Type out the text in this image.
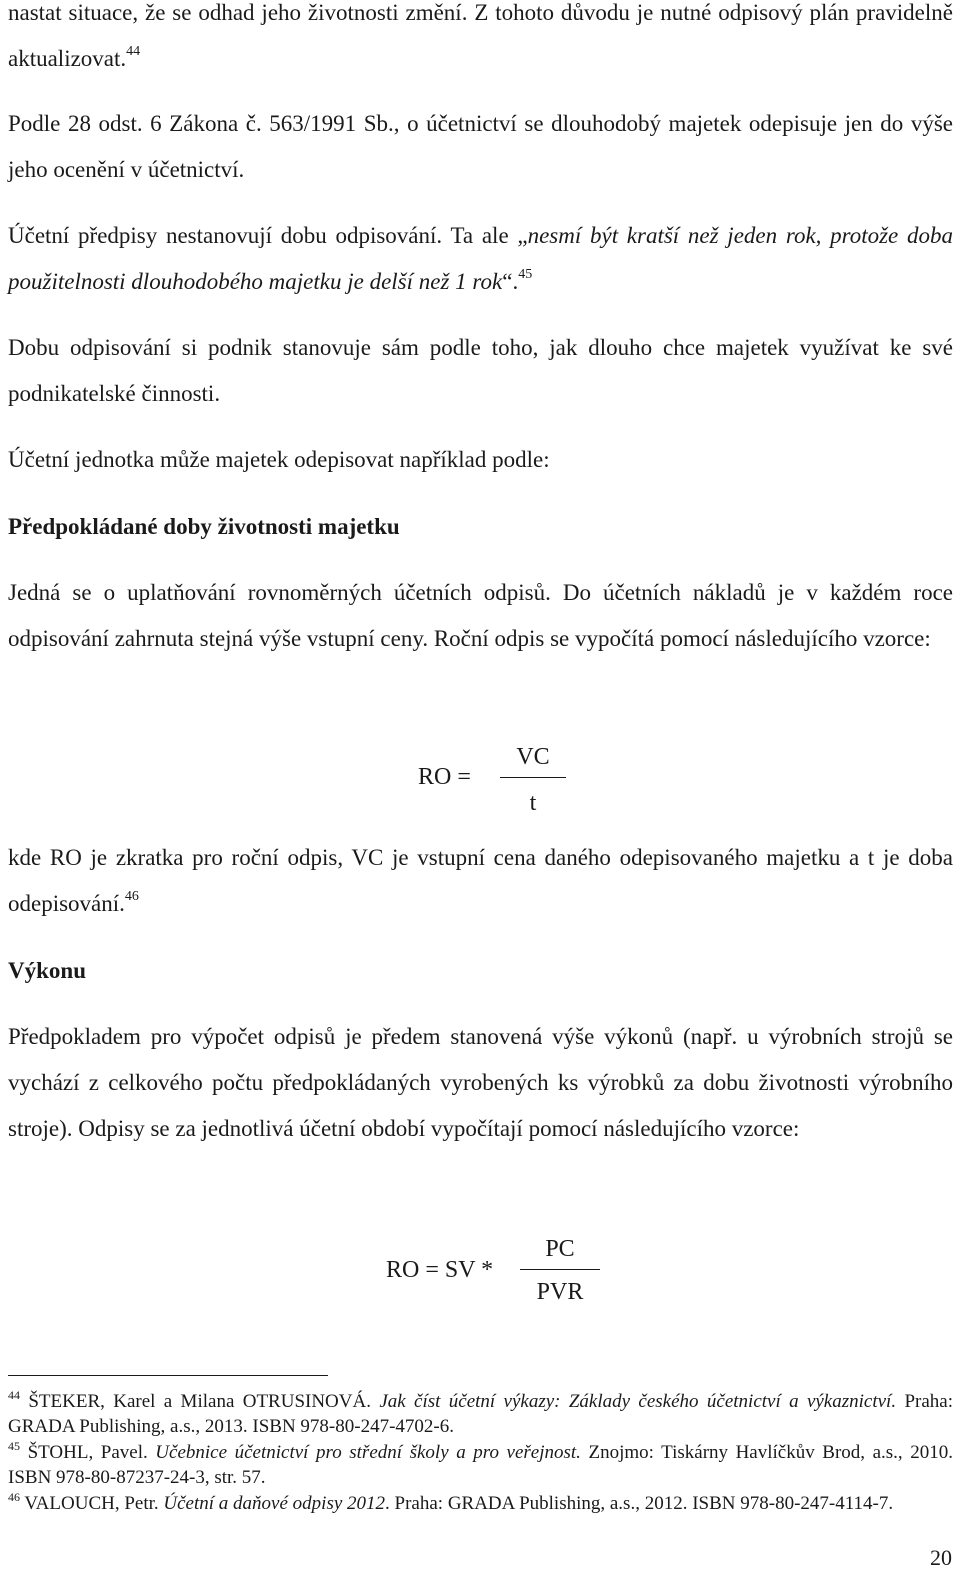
nastat situace, že se odhad jeho životnosti změní. Z tohoto důvodu je nutné odpisový plán pravidelně aktualizovat.$^{44}$
Podle 28 odst. 6 Zákona č. 563/1991 Sb., o účetnictví se dlouhodobý majetek odepisuje jen do výše jeho ocenění v účetnictví.
Účetní předpisy nestanovují dobu odpisování. Ta ale „nesmí být kratší než jeden rok, protože doba použitelnosti dlouhodobého majetku je delší než 1 rok“.$^{45}$
Dobu odpisování si podnik stanovuje sám podle toho, jak dlouho chce majetek využívat ke své podnikatelské činnosti.
Účetní jednotka může majetek odepisovat například podle:
Předpokládané doby životnosti majetku
Jedná se o uplatňování rovnoměrných účetních odpisů. Do účetních nákladů je v každém roce odpisování zahrnuta stejná výše vstupní ceny. Roční odpis se vypočítá pomocí následujícího vzorce:
RO =
VC
t
kde RO je zkratka pro roční odpis, VC je vstupní cena daného odepisovaného majetku a t je doba odepisování.$^{46}$
Výkonu
Předpokladem pro výpočet odpisů je předem stanovená výše výkonů (např. u výrobních strojů se vychází z celkového počtu předpokládaných vyrobených ks výrobků za dobu životnosti výrobního stroje). Odpisy se za jednotlivá účetní období vypočítají pomocí následujícího vzorce:
RO = SV *
PC
PVR
$^{44}$ ŠTEKER, Karel a Milana OTRUSINOVÁ. Jak číst účetní výkazy: Základy českého účetnictví a výkaznictví. Praha: GRADA Publishing, a.s., 2013. ISBN 978-80-247-4702-6.
$^{45}$ ŠTOHL, Pavel. Učebnice účetnictví pro střední školy a pro veřejnost. Znojmo: Tiskárny Havlíčkův Brod, a.s., 2010. ISBN 978-80-87237-24-3, str. 57.
$^{46}$ VALOUCH, Petr. Účetní a daňové odpisy 2012. Praha: GRADA Publishing, a.s., 2012. ISBN 978-80-247-4114-7.
20
